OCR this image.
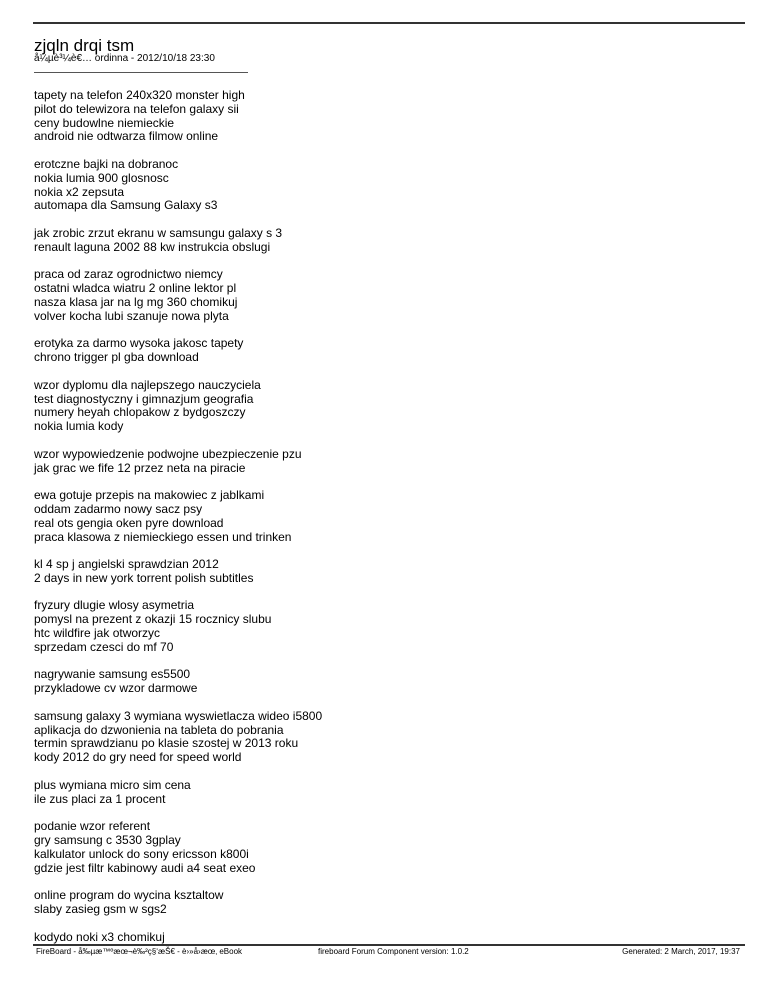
zjqln drqi tsm
å¼µè³¼è€… ordinna - 2012/10/18 23:30
tapety na telefon 240x320 monster high
pilot do telewizora na telefon galaxy sii
ceny budowlne niemieckie
android nie odtwarza filmow online
erotczne bajki na dobranoc
nokia lumia 900 glosnosc
nokia x2 zepsuta
automapa dla Samsung Galaxy s3
jak zrobic zrzut ekranu w samsungu galaxy s 3
renault laguna 2002 88 kw instrukcia obslugi
praca od zaraz ogrodnictwo niemcy
ostatni wladca wiatru 2 online lektor pl
nasza klasa jar na lg mg 360 chomikuj
volver kocha lubi szanuje nowa plyta
erotyka za darmo wysoka jakosc tapety
chrono trigger pl gba download
wzor dyplomu dla najlepszego nauczyciela
test diagnostyczny i gimnazjum geografia
numery heyah chlopakow z bydgoszczy
nokia lumia kody
wzor wypowiedzenie podwojne ubezpieczenie pzu
jak grac we fife 12 przez neta na piracie
ewa gotuje przepis na makowiec z jablkami
oddam zadarmo nowy sacz psy
real ots gengia oken pyre download
praca klasowa z niemieckiego essen und trinken
kl 4 sp j angielski sprawdzian 2012
2 days in new york torrent polish subtitles
fryzury dlugie wlosy asymetria
pomysl na prezent z okazji 15 rocznicy slubu
htc wildfire jak otworzyc
sprzedam czesci do mf 70
nagrywanie samsung es5500
przykladowe cv wzor darmowe
samsung galaxy 3 wymiana wyswietlacza wideo i5800
aplikacja do dzwonienia na tableta do pobrania
termin sprawdzianu po klasie szostej w 2013 roku
kody 2012 do gry need for speed world
plus wymiana micro sim cena
ile zus placi za 1 procent
podanie wzor referent
gry samsung c 3530 3gplay
kalkulator unlock do sony ericsson k800i
gdzie jest filtr kabinowy audi a4 seat exeo
online program do wycina ksztaltow
slaby zasieg gsm w sgs2
kodydo noki x3 chomikuj
FireBoard - å‰µæ™ºæœ¬è‰²ç§‘æŠ€ - è›»å›æœ‚ eBook	fireboard Forum Component version: 1.0.2	Generated: 2 March, 2017, 19:37
